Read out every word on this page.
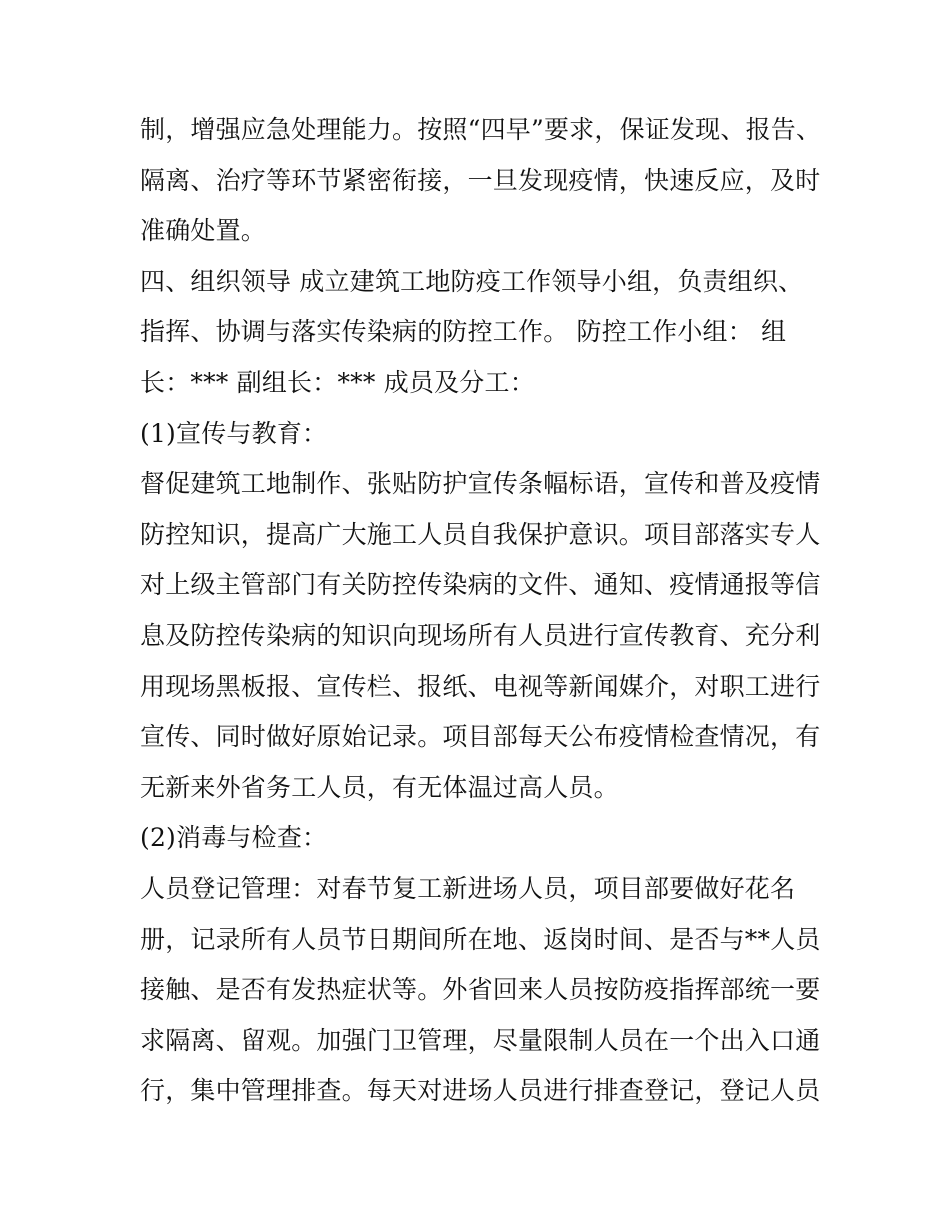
制，增强应急处理能力。按照“四早”要求，保证发现、报告、
隔离、治疗等环节紧密衔接，一旦发现疫情，快速反应，及时
准确处置。
四、组织领导 成立建筑工地防疫工作领导小组，负责组织、
指挥、协调与落实传染病的防控工作。 防控工作小组： 组
长：*** 副组长：*** 成员及分工：
(1)宣传与教育：
督促建筑工地制作、张贴防护宣传条幅标语，宣传和普及疫情
防控知识，提高广大施工人员自我保护意识。项目部落实专人
对上级主管部门有关防控传染病的文件、通知、疫情通报等信
息及防控传染病的知识向现场所有人员进行宣传教育、充分利
用现场黑板报、宣传栏、报纸、电视等新闻媒介，对职工进行
宣传、同时做好原始记录。项目部每天公布疫情检查情况，有
无新来外省务工人员，有无体温过高人员。
(2)消毒与检查：
人员登记管理：对春节复工新进场人员，项目部要做好花名
册，记录所有人员节日期间所在地、返岗时间、是否与**人员
接触、是否有发热症状等。外省回来人员按防疫指挥部统一要
求隔离、留观。加强门卫管理，尽量限制人员在一个出入口通
行，集中管理排查。每天对进场人员进行排查登记，登记人员
